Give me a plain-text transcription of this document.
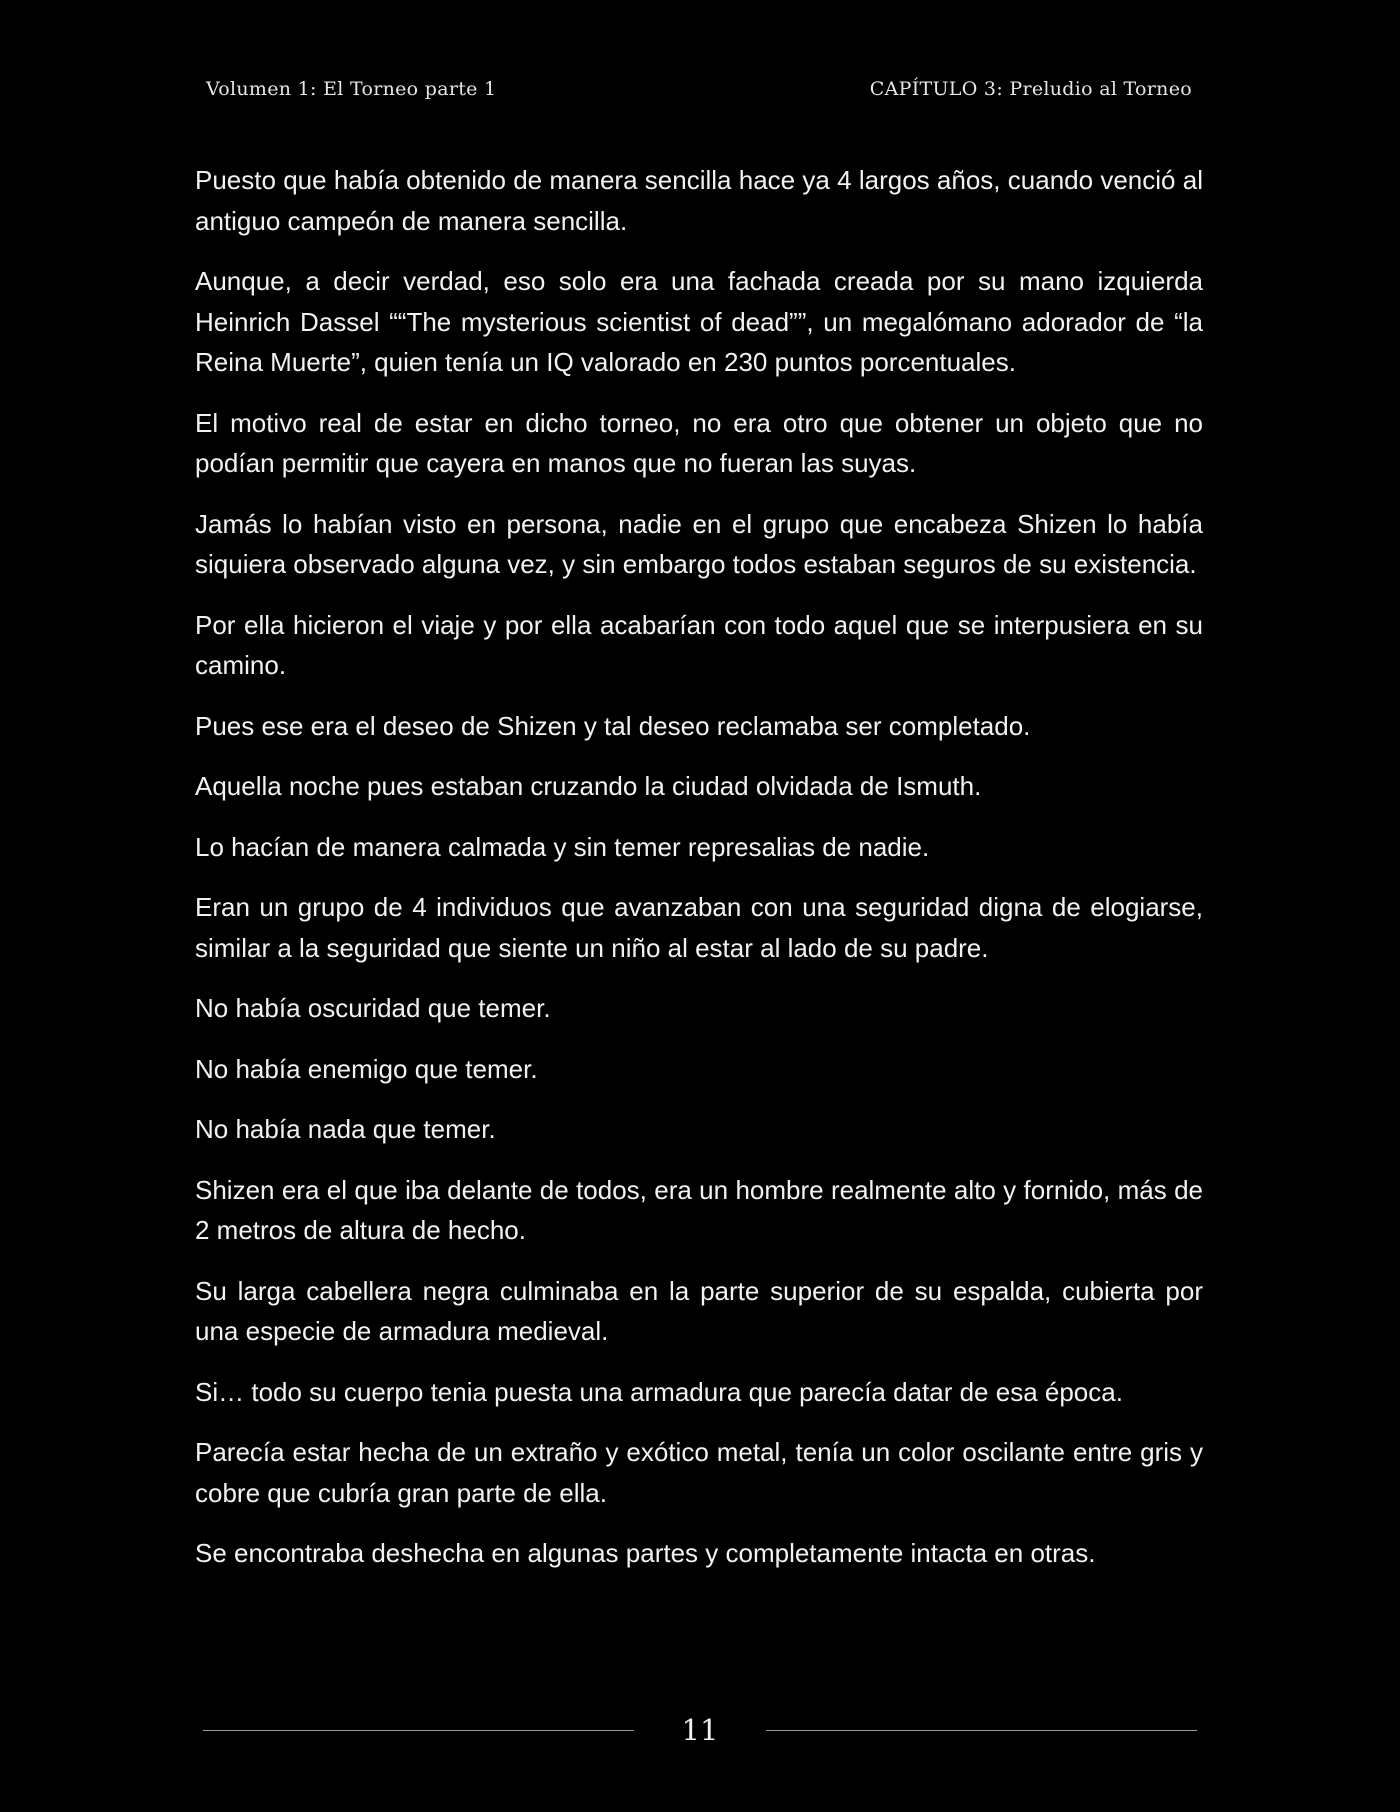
Volumen 1: El Torneo parte 1	CAPÍTULO 3: Preludio al Torneo

Puesto que había obtenido de manera sencilla hace ya 4 largos años, cuando venció al antiguo campeón de manera sencilla.

Aunque, a decir verdad, eso solo era una fachada creada por su mano izquierda Heinrich Dassel ““The mysterious scientist of dead””, un megalómano adorador de “la Reina Muerte”, quien tenía un IQ valorado en 230 puntos porcentuales.

El motivo real de estar en dicho torneo, no era otro que obtener un objeto que no podían permitir que cayera en manos que no fueran las suyas.

Jamás lo habían visto en persona, nadie en el grupo que encabeza Shizen lo había siquiera observado alguna vez, y sin embargo todos estaban seguros de su existencia.

Por ella hicieron el viaje y por ella acabarían con todo aquel que se interpusiera en su camino.

Pues ese era el deseo de Shizen y tal deseo reclamaba ser completado.

Aquella noche pues estaban cruzando la ciudad olvidada de Ismuth.

Lo hacían de manera calmada y sin temer represalias de nadie.

Eran un grupo de 4 individuos que avanzaban con una seguridad digna de elogiarse, similar a la seguridad que siente un niño al estar al lado de su padre.

No había oscuridad que temer.

No había enemigo que temer.

No había nada que temer.

Shizen era el que iba delante de todos, era un hombre realmente alto y fornido, más de 2 metros de altura de hecho.

Su larga cabellera negra culminaba en la parte superior de su espalda, cubierta por una especie de armadura medieval.

Si… todo su cuerpo tenia puesta una armadura que parecía datar de esa época.

Parecía estar hecha de un extraño y exótico metal, tenía un color oscilante entre gris y cobre que cubría gran parte de ella.

Se encontraba deshecha en algunas partes y completamente intacta en otras.

11
